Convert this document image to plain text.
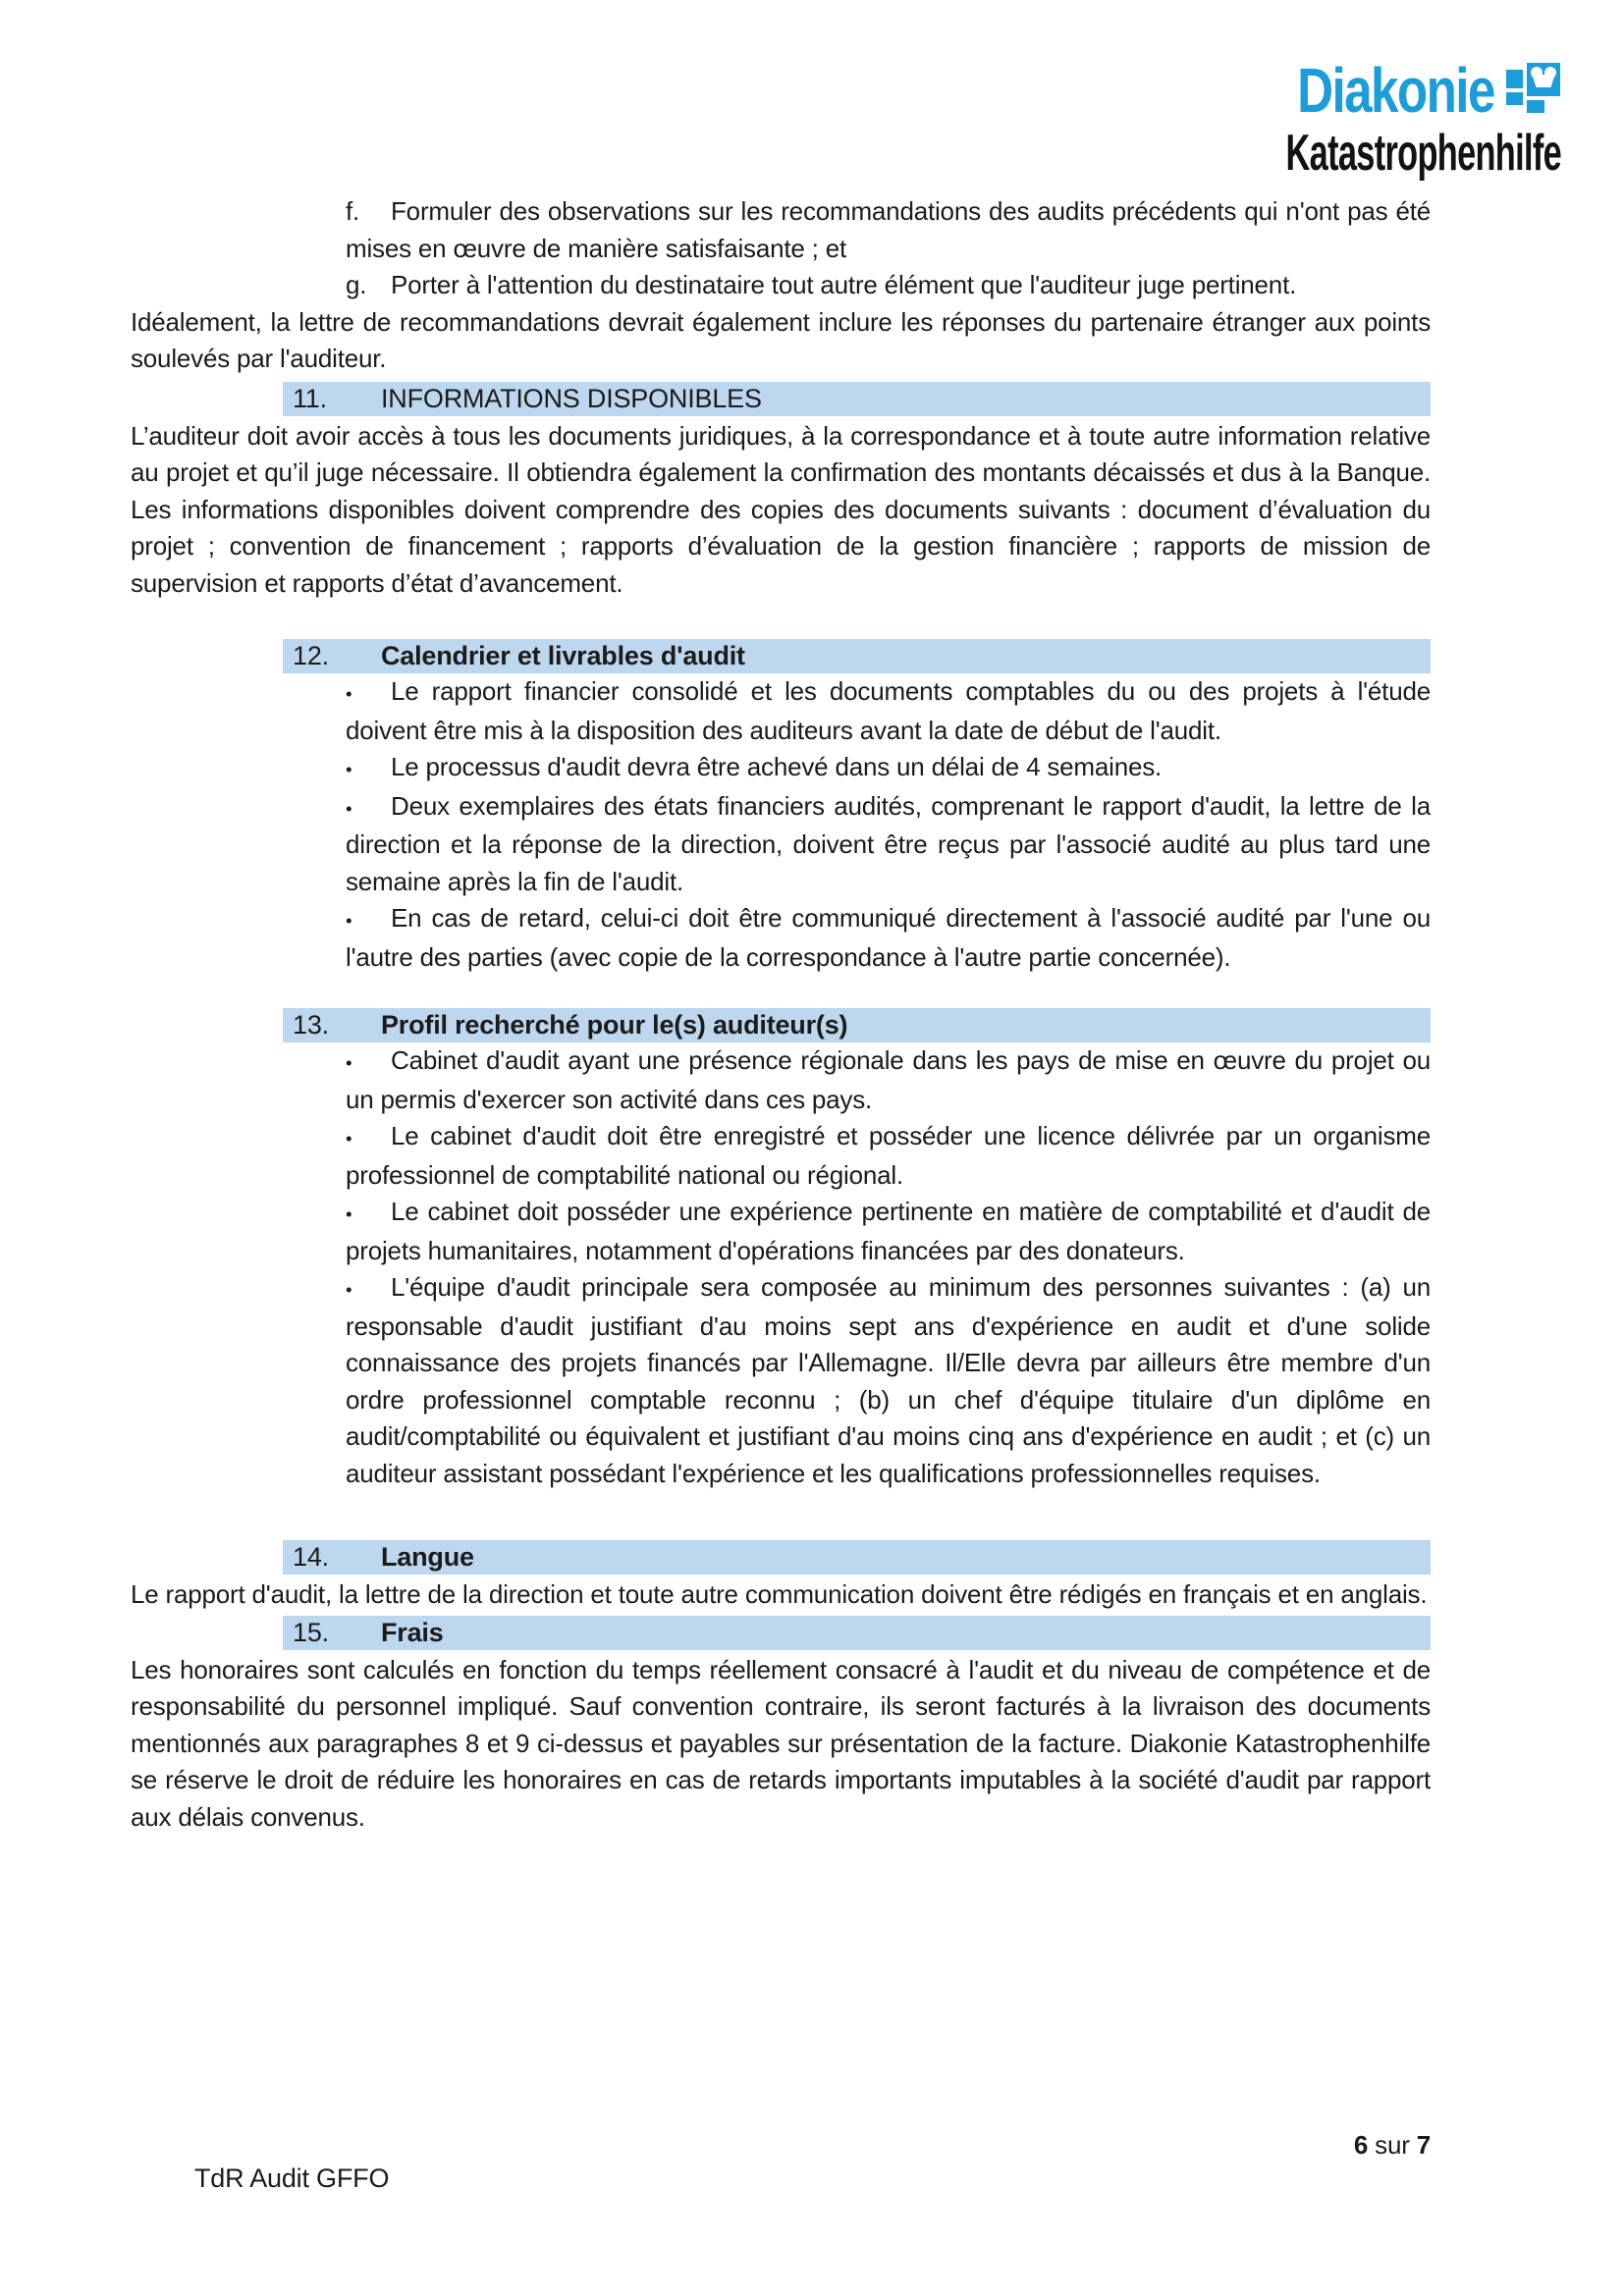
Diakonie
Katastrophenhilfe
f. Formuler des observations sur les recommandations des audits précédents qui n'ont pas été mises en œuvre de manière satisfaisante ; et
g. Porter à l'attention du destinataire tout autre élément que l'auditeur juge pertinent.

Idéalement, la lettre de recommandations devrait également inclure les réponses du partenaire étranger aux points soulevés par l'auditeur.

11.	INFORMATIONS DISPONIBLES

L’auditeur doit avoir accès à tous les documents juridiques, à la correspondance et à toute autre information relative au projet et qu’il juge nécessaire. Il obtiendra également la confirmation des montants décaissés et dus à la Banque. Les informations disponibles doivent comprendre des copies des documents suivants : document d’évaluation du projet ; convention de financement ; rapports d’évaluation de la gestion financière ; rapports de mission de supervision et rapports d’état d’avancement.

12.	Calendrier et livrables d'audit
• Le rapport financier consolidé et les documents comptables du ou des projets à l'étude doivent être mis à la disposition des auditeurs avant la date de début de l'audit.
• Le processus d'audit devra être achevé dans un délai de 4 semaines.
• Deux exemplaires des états financiers audités, comprenant le rapport d'audit, la lettre de la direction et la réponse de la direction, doivent être reçus par l'associé audité au plus tard une semaine après la fin de l'audit.
• En cas de retard, celui-ci doit être communiqué directement à l'associé audité par l'une ou l'autre des parties (avec copie de la correspondance à l'autre partie concernée).
13.	Profil recherché pour le(s) auditeur(s)
• Cabinet d'audit ayant une présence régionale dans les pays de mise en œuvre du projet ou un permis d'exercer son activité dans ces pays.
• Le cabinet d'audit doit être enregistré et posséder une licence délivrée par un organisme professionnel de comptabilité national ou régional.
• Le cabinet doit posséder une expérience pertinente en matière de comptabilité et d'audit de projets humanitaires, notamment d'opérations financées par des donateurs.
• L'équipe d'audit principale sera composée au minimum des personnes suivantes : (a) un responsable d'audit justifiant d'au moins sept ans d'expérience en audit et d'une solide connaissance des projets financés par l'Allemagne. Il/Elle devra par ailleurs être membre d'un ordre professionnel comptable reconnu ; (b) un chef d'équipe titulaire d'un diplôme en audit/comptabilité ou équivalent et justifiant d'au moins cinq ans d'expérience en audit ; et (c) un auditeur assistant possédant l'expérience et les qualifications professionnelles requises.
14.	Langue

Le rapport d'audit, la lettre de la direction et toute autre communication doivent être rédigés en français et en anglais.

15.	Frais

Les honoraires sont calculés en fonction du temps réellement consacré à l'audit et du niveau de compétence et de responsabilité du personnel impliqué. Sauf convention contraire, ils seront facturés à la livraison des documents mentionnés aux paragraphes 8 et 9 ci-dessus et payables sur présentation de la facture. Diakonie Katastrophenhilfe se réserve le droit de réduire les honoraires en cas de retards importants imputables à la société d'audit par rapport aux délais convenus.

6 sur 7
TdR Audit GFFO
